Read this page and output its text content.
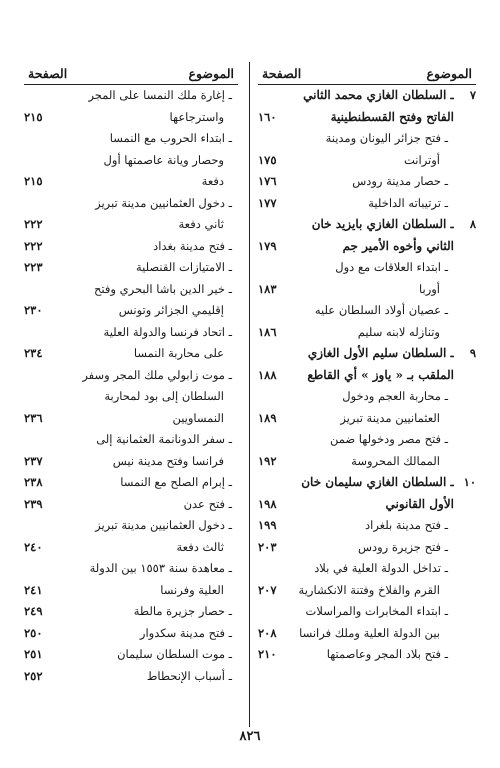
الموضوع
الصفحة
٧
ـ السلطان الغازي محمد الثاني
الفاتح وفتح القسطنطينية
١٦٠
ـ فتح جزائر اليونان ومدينة
أوترانت
١٧٥
ـ حصار مدينة رودس
١٧٦
ـ ترتيباته الداخلية
١٧٧
٨
ـ السلطان الغازي بايزيد خان
الثاني وأخوه الأمير جم
١٧٩
ـ ابتداء العلاقات مع دول
أوربا
١٨٣
ـ عصيان أولاد السلطان عليه
وتنازله لابنه سليم
١٨٦
٩
ـ السلطان سليم الأول الغازي
الملقب بـ « ياوز » أي القاطع
١٨٨
ـ محاربة العجم ودخول
العثمانيين مدينة تبريز
١٨٩
ـ فتح مصر ودخولها ضمن
الممالك المحروسة
١٩٢
١٠
ـ السلطان الغازي سليمان خان
الأول القانوني
١٩٨
ـ فتح مدينة بلغراد
١٩٩
ـ فتح جزيرة رودس
٢٠٣
ـ تداخل الدولة العلية في بلاد
القرم والفلاخ وفتنة الانكشارية
٢٠٧
ـ ابتداء المخابرات والمراسلات
بين الدولة العلية وملك فرانسا
٢٠٨
ـ فتح بلاد المجر وعاصمتها
٢١٠
الموضوع
الصفحة
ـ إغارة ملك النمسا على المجر
واسترجاعها
٢١٥
ـ ابتداء الحروب مع النمسا
وحصار ويانة عاصمتها أول
دفعة
٢١٥
ـ دخول العثمانيين مدينة تبريز
ثاني دفعة
٢٢٢
ـ فتح مدينة بغداد
٢٢٢
ـ الامتيازات القنصلية
٢٢٣
ـ خير الدين باشا البحري وفتح
إقليمي الجزائر وتونس
٢٣٠
ـ اتحاد فرنسا والدولة العلية
على محاربة النمسا
٢٣٤
ـ موت زابولي ملك المجر وسفر
السلطان إلى بود لمحاربة
النمساويين
٢٣٦
ـ سفر الدونانمة العثمانية إلى
فرانسا وفتح مدينة نيس
٢٣٧
ـ إبرام الصلح مع النمسا
٢٣٨
ـ فتح عدن
٢٣٩
ـ دخول العثمانيين مدينة تبريز
ثالث دفعة
٢٤٠
ـ معاهدة سنة ١٥٥٣ بين الدولة
العلية وفرنسا
٢٤١
ـ حصار جزيرة مالطة
٢٤٩
ـ فتح مدينة سكدوار
٢٥٠
ـ موت السلطان سليمان
٢٥١
ـ أسباب الإنحطاط
٢٥٢
٨٢٦
